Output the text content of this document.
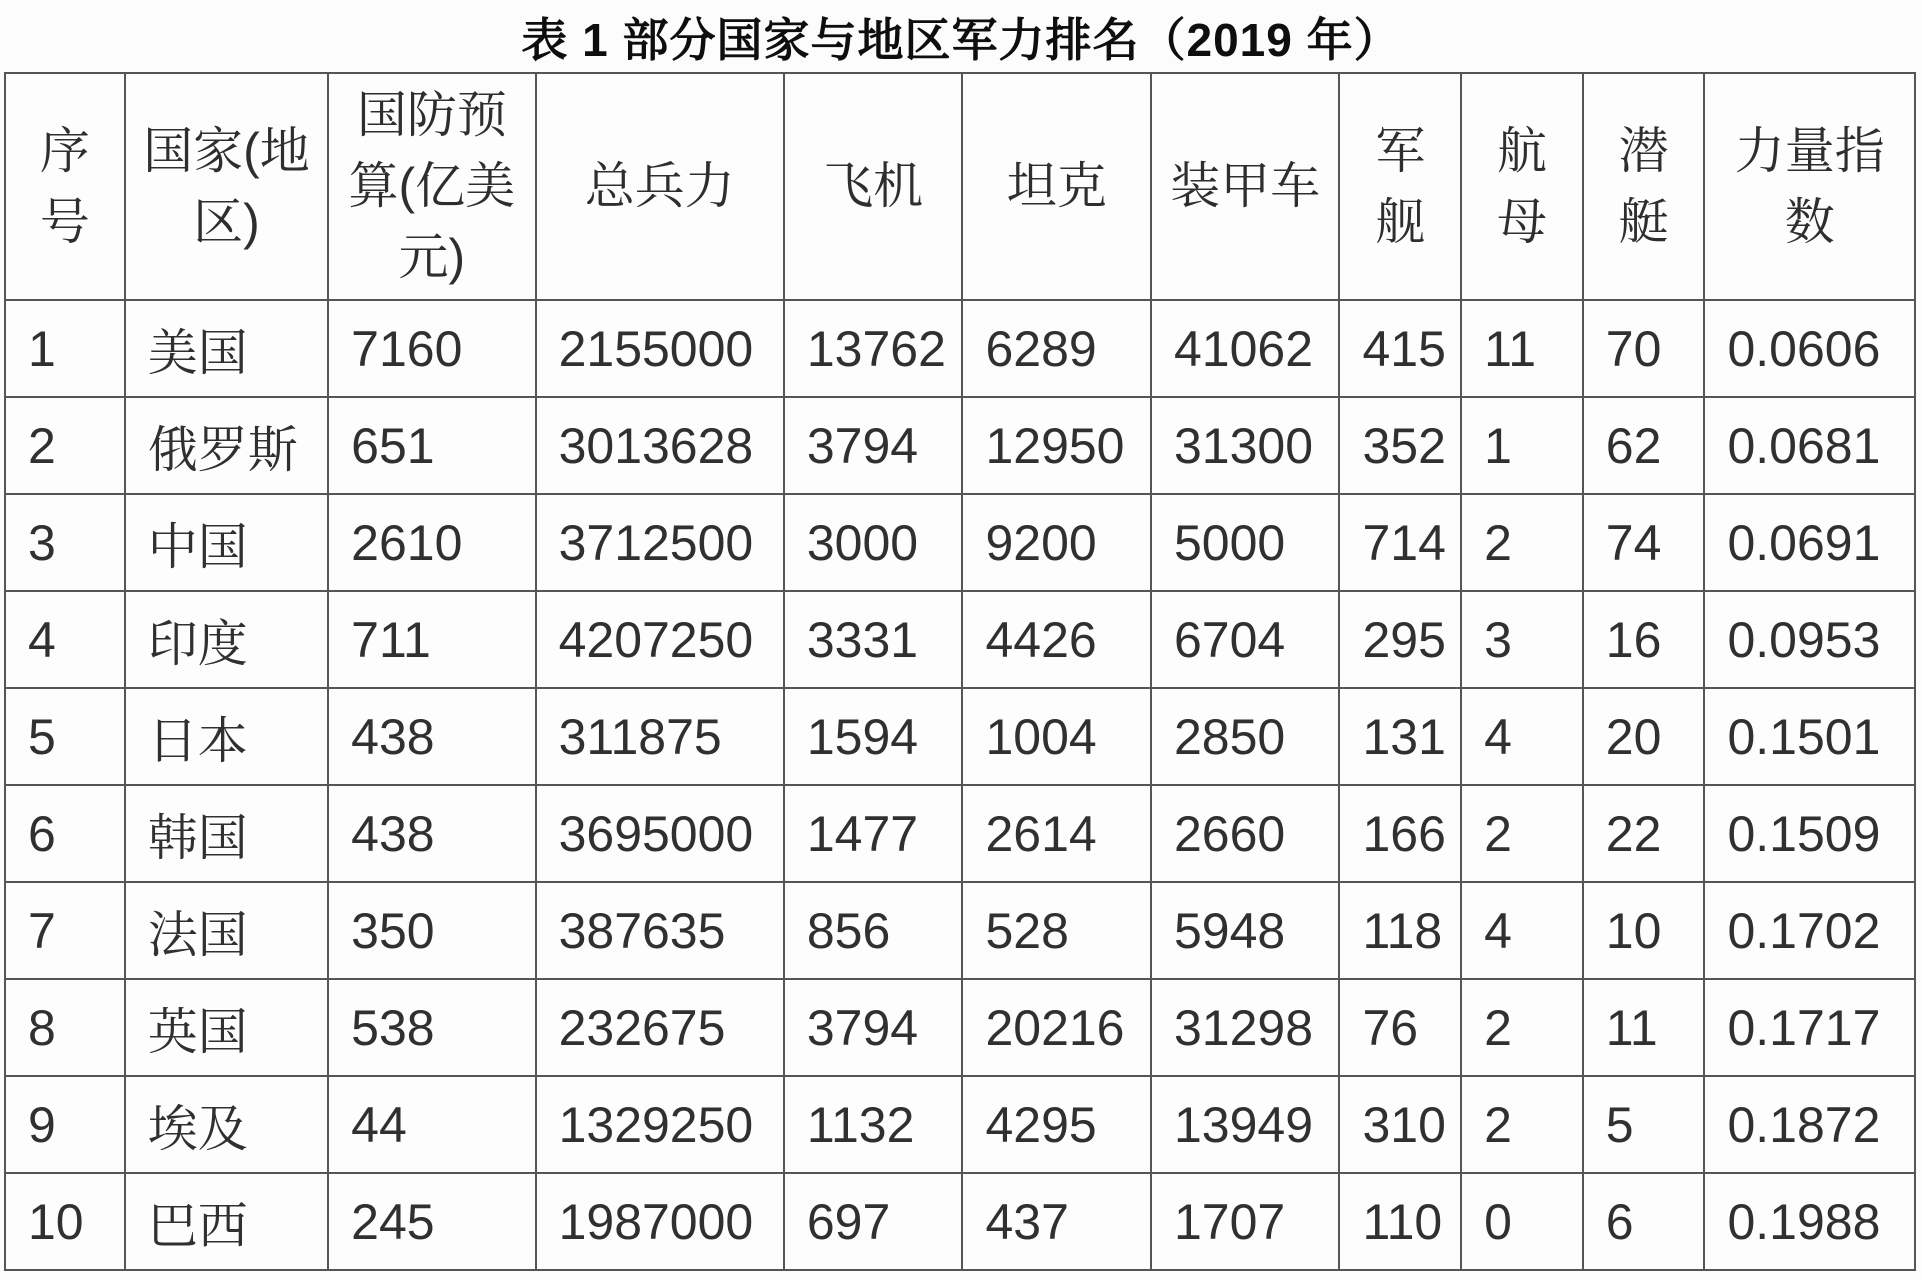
表 1 部分国家与地区军力排名（2019 年）
序号	国家(地区)	国防预算(亿美元)	总兵力	飞机	坦克	装甲车	军舰	航母	潜艇	力量指数
1	美国	7160	2155000	13762	6289	41062	415	11	70	0.0606
2	俄罗斯	651	3013628	3794	12950	31300	352	1	62	0.0681
3	中国	2610	3712500	3000	9200	5000	714	2	74	0.0691
4	印度	711	4207250	3331	4426	6704	295	3	16	0.0953
5	日本	438	311875	1594	1004	2850	131	4	20	0.1501
6	韩国	438	3695000	1477	2614	2660	166	2	22	0.1509
7	法国	350	387635	856	528	5948	118	4	10	0.1702
8	英国	538	232675	3794	20216	31298	76	2	11	0.1717
9	埃及	44	1329250	1132	4295	13949	310	2	5	0.1872
10	巴西	245	1987000	697	437	1707	110	0	6	0.1988
